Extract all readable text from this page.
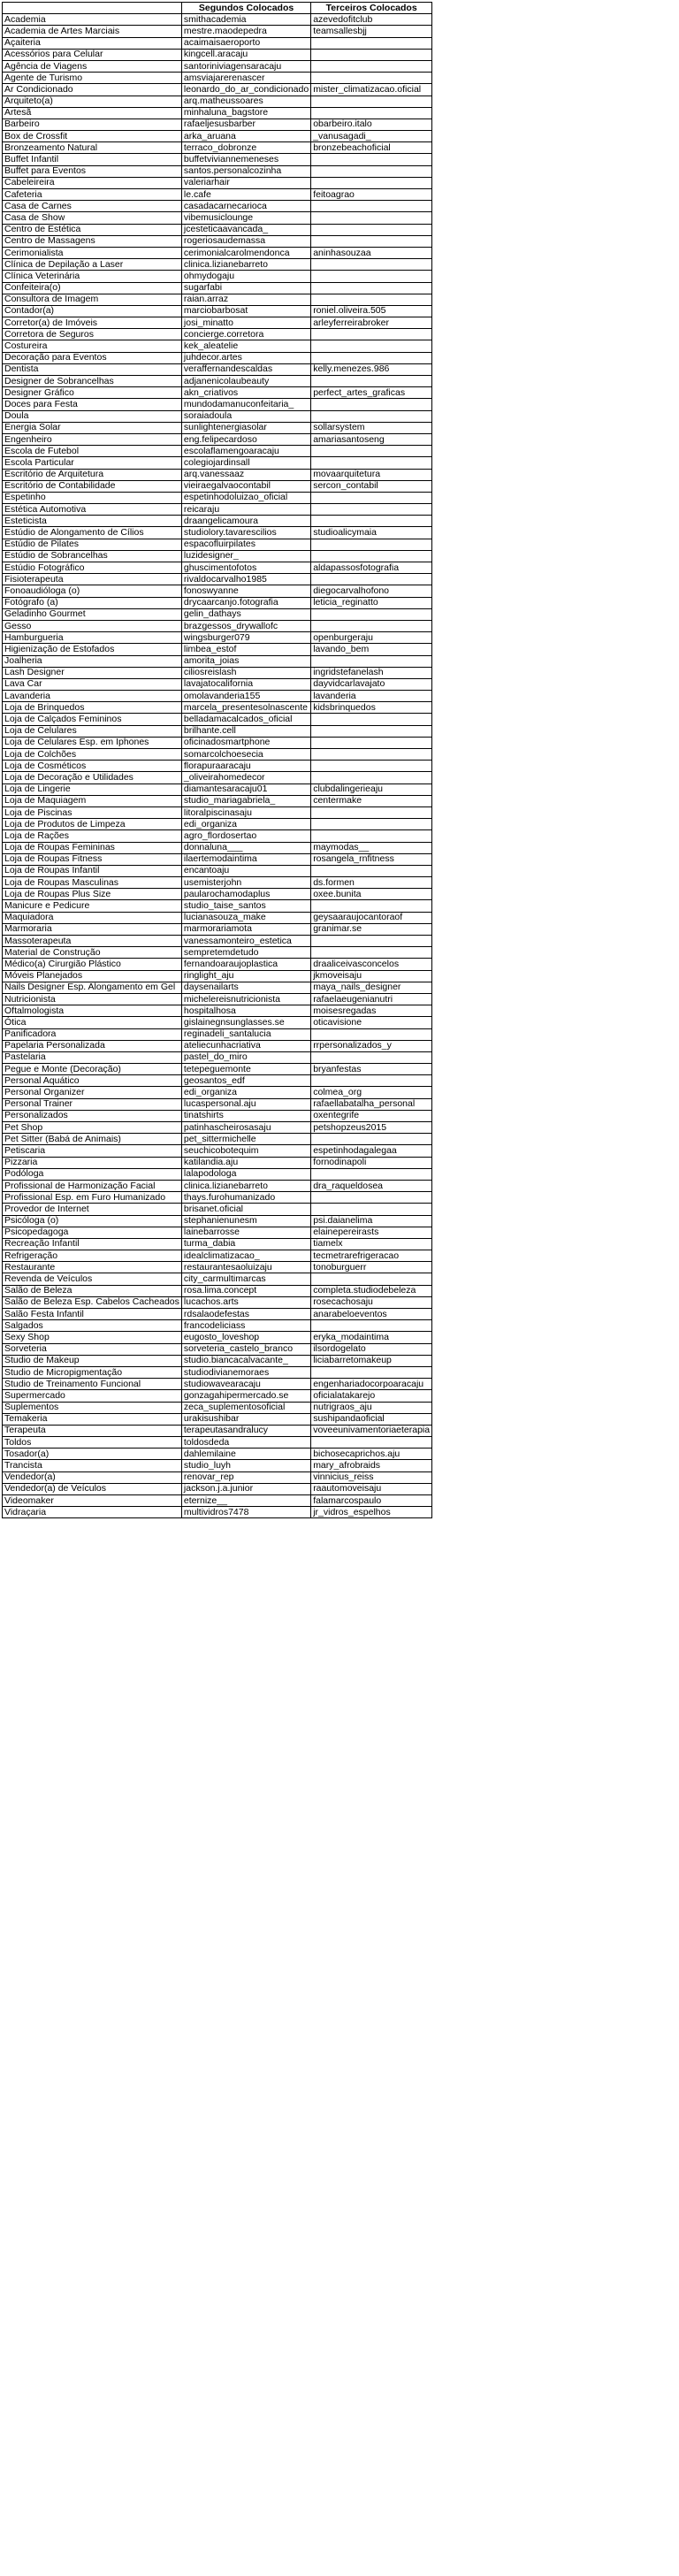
	Segundos Colocados	Terceiros Colocados
Academia	smithacademia	azevedofitclub
Academia de Artes Marciais	mestre.maodepedra	teamsallesbjj
Açaiteria	acaimaisaeroporto	
Acessórios para Celular	kingcell.aracaju	
Agência de Viagens	santoriniviagensaracaju	
Agente de Turismo	amsviajarerenascer	
Ar Condicionado	leonardo_do_ar_condicionado	mister_climatizacao.oficial
Arquiteto(a)	arq.matheussoares	
Artesã	minhaluna_bagstore	
Barbeiro	rafaeljesusbarber	obarbeiro.italo
Box de Crossfit	arka_aruana	_vanusagadi_
Bronzeamento Natural	terraco_dobronze	bronzebeachoficial
Buffet Infantil	buffetviviannemeneses	
Buffet para Eventos	santos.personalcozinha	
Cabeleireira	valeriarhair	
Cafeteria	le.cafe	feitoagrao
Casa de Carnes	casadacarnecarioca	
Casa de Show	vibemusiclounge	
Centro de Estética	jcesteticaavancada_	
Centro de Massagens	rogeriosaudemassa	
Cerimonialista	cerimonialcarolmendonca	aninhasouzaa
Clínica de Depilação a Laser	clinica.lizianebarreto	
Clínica Veterinária	ohmydogaju	
Confeiteira(o)	sugarfabi	
Consultora de Imagem	raian.arraz	
Contador(a)	marciobarbosat	roniel.oliveira.505
Corretor(a) de Imóveis	josi_minatto	arleyferreirabroker
Corretora de Seguros	concierge.corretora	
Costureira	kek_aleatelie	
Decoração para Eventos	juhdecor.artes	
Dentista	veraffernandescaldas	kelly.menezes.986
Designer de Sobrancelhas	adjanenicolaubeauty	
Designer Gráfico	akn_criativos	perfect_artes_graficas
Doces para Festa	mundodamanuconfeitaria_	
Doula	soraiadoula	
Energia Solar	sunlightenergiasolar	sollarsystem
Engenheiro	eng.felipecardoso	amariasantoseng
Escola de Futebol	escolaflamengoaracaju	
Escola Particular	colegiojardinsall	
Escritório de Arquitetura	arq.vanessaaz	movaarquitetura
Escritório de Contabilidade	vieiraegalvaocontabil	sercon_contabil
Espetinho	espetinhodoluizao_oficial	
Estética Automotiva	reicaraju	
Esteticista	draangelicamoura	
Estúdio de Alongamento de Cílios	studiolory.tavarescilios	studioalicymaia
Estúdio de Pilates	espacofluirpilates	
Estúdio de Sobrancelhas	luzidesigner_	
Estúdio Fotográfico	ghuscimentofotos	aldapassosfotografia
Fisioterapeuta	rivaldocarvalho1985	
Fonoaudióloga (o)	fonoswyanne	diegocarvalhofono
Fotógrafo (a)	drycaarcanjo.fotografia	leticia_reginatto
Geladinho Gourmet	gelin_dathays	
Gesso	brazgessos_drywallofc	
Hamburgueria	wingsburger079	openburgeraju
Higienização de Estofados	limbea_estof	lavando_bem
Joalheria	amorita_joias	
Lash Designer	ciliosreislash	ingridstefanelash
Lava Car	lavajatocalifornia	dayvidcarlavajato
Lavanderia	omolavanderia155	lavanderia
Loja de Brinquedos	marcela_presentesolnascente	kidsbrinquedos
Loja de Calçados Femininos	belladamacalcados_oficial	
Loja de Celulares	brilhante.cell	
Loja de Celulares Esp. em Iphones	oficinadosmartphone	
Loja de Colchões	somarcolchoesecia	
Loja de Cosméticos	florapuraaracaju	
Loja de Decoração e Utilidades	_oliveirahomedecor	
Loja de Lingerie	diamantesaracaju01	clubdalingerieaju
Loja de Maquiagem	studio_mariagabriela_	centermake
Loja de Piscinas	litoralpiscinasaju	
Loja de Produtos de Limpeza	edi_organiza	
Loja de Rações	agro_flordosertao	
Loja de Roupas Femininas	donnaluna___	maymodas__
Loja de Roupas Fitness	ilaertemodaintima	rosangela_rnfitness
Loja de Roupas Infantil	encantoaju	
Loja de Roupas Masculinas	usemisterjohn	ds.formen
Loja de Roupas Plus Size	paularochamodaplus	oxee.bunita
Manicure e Pedicure	studio_taise_santos	
Maquiadora	lucianasouza_make	geysaaraujocantoraof
Marmoraria	marmorariamota	granimar.se
Massoterapeuta	vanessamonteiro_estetica	
Material de Construção	sempretemdetudo	
Médico(a) Cirurgião Plástico	fernandoaraujoplastica	draaliceivasconcelos
Móveis Planejados	ringlight_aju	jkmoveisaju
Nails Designer Esp. Alongamento em Gel	daysenailarts	maya_nails_designer
Nutricionista	michelereisnutricionista	rafaelaeugenianutri
Oftalmologista	hospitalhosa	moisesregadas
Ótica	gislainegnsunglasses.se	oticavisione
Panificadora	reginadeli_santalucia	
Papelaria Personalizada	ateliecunhacriativa	rrpersonalizados_y
Pastelaria	pastel_do_miro	
Pegue e Monte (Decoração)	tetepeguemonte	bryanfestas
Personal Aquático	geosantos_edf	
Personal Organizer	edi_organiza	colmea_org
Personal Trainer	lucaspersonal.aju	rafaellabatalha_personal
Personalizados	tinatshirts	oxentegrife
Pet Shop	patinhascheirosasaju	petshopzeus2015
Pet Sitter (Babá de Animais)	pet_sittermichelle	
Petiscaria	seuchicobotequim	espetinhodagalegaa
Pizzaria	katilandia.aju	fornodinapoli
Podóloga	lalapodologa	
Profissional de Harmonização Facial	clinica.lizianebarreto	dra_raqueldosea
Profissional Esp. em Furo Humanizado	thays.furohumanizado	
Provedor de Internet	brisanet.oficial	
Psicóloga (o)	stephanienunesm	psi.daianelima
Psicopedagoga	lainebarrosse	elainepereirasts
Recreação Infantil	turma_dabia	tiamelx
Refrigeração	idealclimatizacao_	tecmetrarefrigeracao
Restaurante	restaurantesaoluizaju	tonoburguerr
Revenda de Veículos	city_carmultimarcas	
Salão de Beleza	rosa.lima.concept	completa.studiodebeleza
Salão de Beleza Esp. Cabelos Cacheados	lucachos.arts	rosecachosaju
Salão Festa Infantil	rdsalaodefestas	anarabeloeventos
Salgados	francodeliciass	
Sexy Shop	eugosto_loveshop	eryka_modaintima
Sorveteria	sorveteria_castelo_branco	ilsordogelato
Studio de Makeup	studio.biancacalvacante_	liciabarretomakeup
Studio de Micropigmentação	studiodivianemoraes	
Studio de Treinamento Funcional	studiowavearacaju	engenhariadocorpoaracaju
Supermercado	gonzagahipermercado.se	oficialatakarejo
Suplementos	zeca_suplementosoficial	nutrigraos_aju
Temakeria	urakisushibar	sushipandaoficial
Terapeuta	terapeutasandralucy	voveeunivamentoriaeterapia
Toldos	toldosdeda	
Tosador(a)	dahlemilaine	bichosecaprichos.aju
Trancista	studio_luyh	mary_afrobraids
Vendedor(a)	renovar_rep	vinnicius_reiss
Vendedor(a) de Veículos	jackson.j.a.junior	raautomoveisaju
Videomaker	eternize__	falamarcospaulo
Vidraçaria	multividros7478	jr_vidros_espelhos
